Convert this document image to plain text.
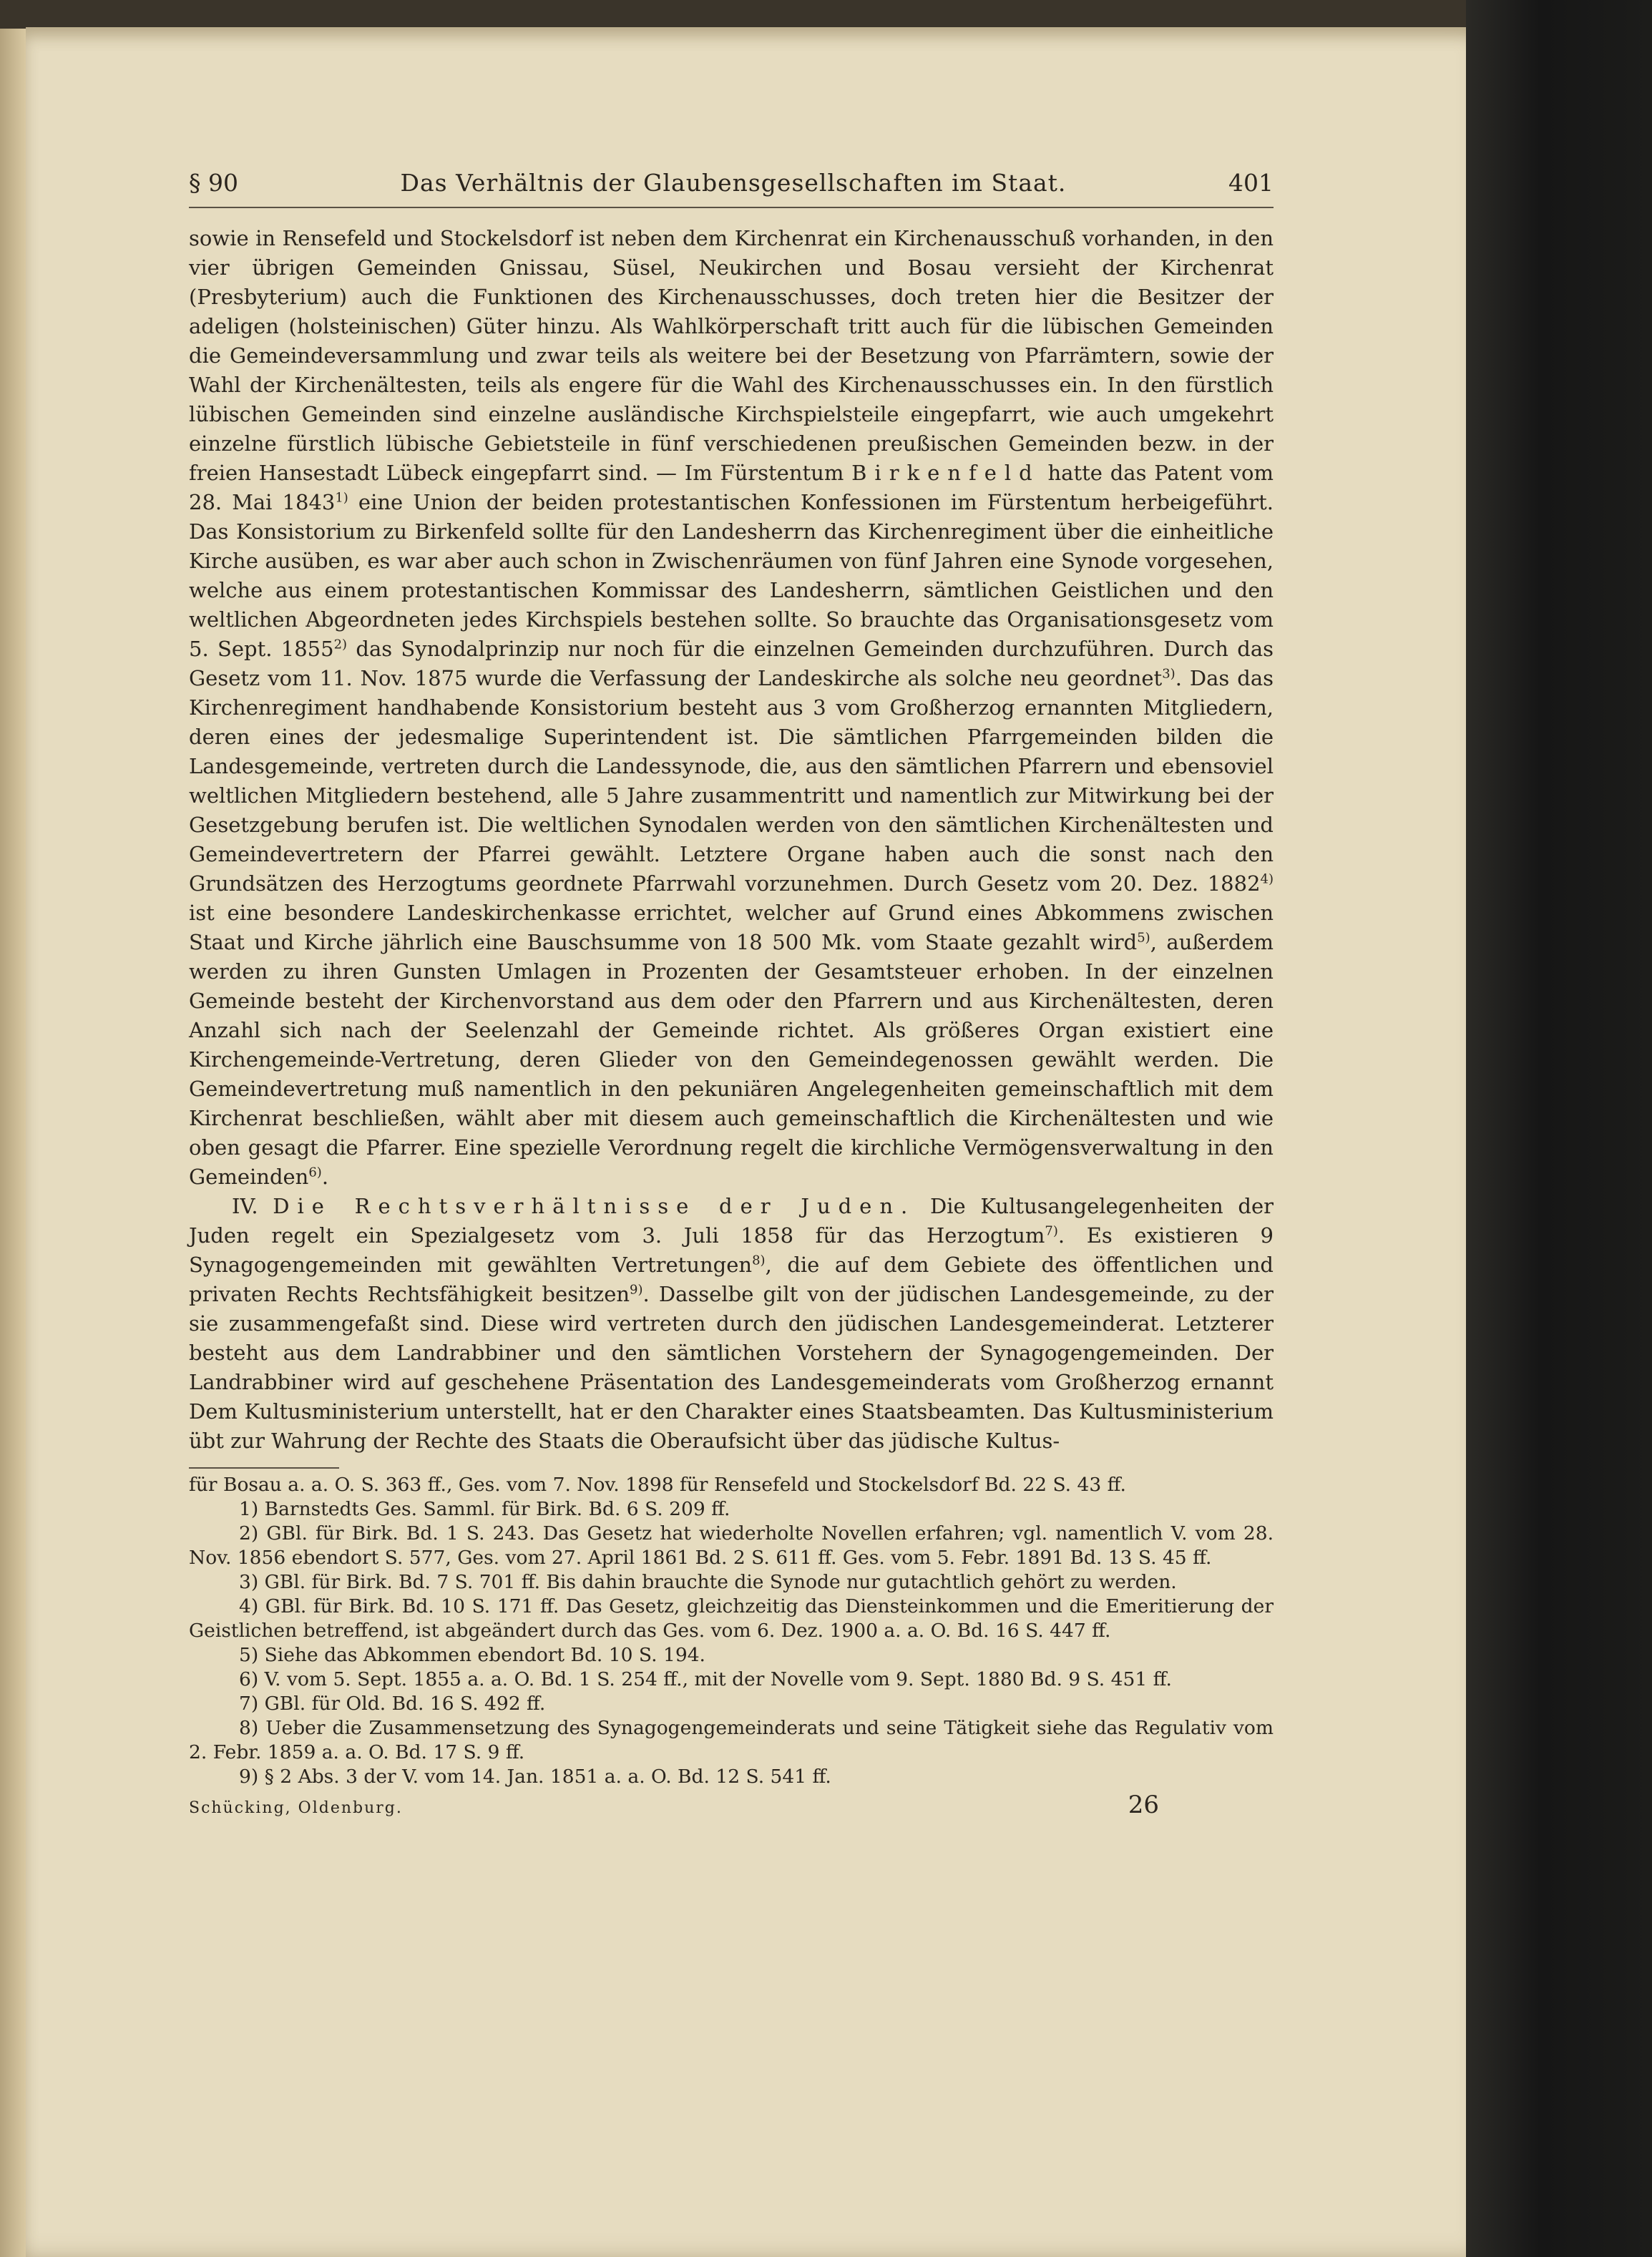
§ 90	Das Verhältnis der Glaubensgesellschaften im Staat.	401

sowie in Rensefeld und Stockelsdorf ist neben dem Kirchenrat ein Kirchenausschuß vorhanden, in den vier übrigen Gemeinden Gnissau, Süsel, Neukirchen und Bosau versieht der Kirchenrat (Presbyterium) auch die Funktionen des Kirchenausschusses, doch treten hier die Besitzer der adeligen (holsteinischen) Güter hinzu. Als Wahlkörperschaft tritt auch für die lübischen Gemeinden die Gemeindeversammlung und zwar teils als weitere bei der Besetzung von Pfarrämtern, sowie der Wahl der Kirchenältesten, teils als engere für die Wahl des Kirchenausschusses ein. In den fürstlich lübischen Gemeinden sind einzelne ausländische Kirchspielsteile eingepfarrt, wie auch umgekehrt einzelne fürstlich lübische Gebietsteile in fünf verschiedenen preußischen Gemeinden bezw. in der freien Hansestadt Lübeck eingepfarrt sind. — Im Fürstentum Birkenfeld hatte das Patent vom 28. Mai 1843$^{1)}$ eine Union der beiden protestantischen Konfessionen im Fürstentum herbeigeführt. Das Konsistorium zu Birkenfeld sollte für den Landesherrn das Kirchenregiment über die einheitliche Kirche ausüben, es war aber auch schon in Zwischenräumen von fünf Jahren eine Synode vorgesehen, welche aus einem protestantischen Kommissar des Landesherrn, sämtlichen Geistlichen und den weltlichen Abgeordneten jedes Kirchspiels bestehen sollte. So brauchte das Organisationsgesetz vom 5. Sept. 1855$^{2)}$ das Synodalprinzip nur noch für die einzelnen Gemeinden durchzuführen. Durch das Gesetz vom 11. Nov. 1875 wurde die Verfassung der Landeskirche als solche neu geordnet$^{3)}$. Das das Kirchenregiment handhabende Konsistorium besteht aus 3 vom Großherzog ernannten Mitgliedern, deren eines der jedesmalige Superintendent ist. Die sämtlichen Pfarrgemeinden bilden die Landesgemeinde, vertreten durch die Landessynode, die, aus den sämtlichen Pfarrern und ebensoviel weltlichen Mitgliedern bestehend, alle 5 Jahre zusammentritt und namentlich zur Mitwirkung bei der Gesetzgebung berufen ist. Die weltlichen Synodalen werden von den sämtlichen Kirchenältesten und Gemeindevertretern der Pfarrei gewählt. Letztere Organe haben auch die sonst nach den Grundsätzen des Herzogtums geordnete Pfarrwahl vorzunehmen. Durch Gesetz vom 20. Dez. 1882$^{4)}$ ist eine besondere Landeskirchenkasse errichtet, welcher auf Grund eines Abkommens zwischen Staat und Kirche jährlich eine Bauschsumme von 18 500 Mk. vom Staate gezahlt wird$^{5)}$, außerdem werden zu ihren Gunsten Umlagen in Prozenten der Gesamtsteuer erhoben. In der einzelnen Gemeinde besteht der Kirchenvorstand aus dem oder den Pfarrern und aus Kirchenältesten, deren Anzahl sich nach der Seelenzahl der Gemeinde richtet. Als größeres Organ existiert eine Kirchengemeinde-Vertretung, deren Glieder von den Gemeindegenossen gewählt werden. Die Gemeindevertretung muß namentlich in den pekuniären Angelegenheiten gemeinschaftlich mit dem Kirchenrat beschließen, wählt aber mit diesem auch gemeinschaftlich die Kirchenältesten und wie oben gesagt die Pfarrer. Eine spezielle Verordnung regelt die kirchliche Vermögensverwaltung in den Gemeinden$^{6)}$.

IV. Die Rechtsverhältnisse der Juden. Die Kultusangelegenheiten der Juden regelt ein Spezialgesetz vom 3. Juli 1858 für das Herzogtum$^{7)}$. Es existieren 9 Synagogengemeinden mit gewählten Vertretungen$^{8)}$, die auf dem Gebiete des öffentlichen und privaten Rechts Rechtsfähigkeit besitzen$^{9)}$. Dasselbe gilt von der jüdischen Landesgemeinde, zu der sie zusammengefaßt sind. Diese wird vertreten durch den jüdischen Landesgemeinderat. Letzterer besteht aus dem Landrabbiner und den sämtlichen Vorstehern der Synagogengemeinden. Der Landrabbiner wird auf geschehene Präsentation des Landesgemeinderats vom Großherzog ernannt Dem Kultusministerium unterstellt, hat er den Charakter eines Staatsbeamten. Das Kultusministerium übt zur Wahrung der Rechte des Staats die Oberaufsicht über das jüdische Kultus-

für Bosau a. a. O. S. 363 ff., Ges. vom 7. Nov. 1898 für Rensefeld und Stockelsdorf Bd. 22 S. 43 ff.

1) Barnstedts Ges. Samml. für Birk. Bd. 6 S. 209 ff.

2) GBl. für Birk. Bd. 1 S. 243. Das Gesetz hat wiederholte Novellen erfahren; vgl. namentlich V. vom 28. Nov. 1856 ebendort S. 577, Ges. vom 27. April 1861 Bd. 2 S. 611 ff. Ges. vom 5. Febr. 1891 Bd. 13 S. 45 ff.

3) GBl. für Birk. Bd. 7 S. 701 ff. Bis dahin brauchte die Synode nur gutachtlich gehört zu werden.

4) GBl. für Birk. Bd. 10 S. 171 ff. Das Gesetz, gleichzeitig das Diensteinkommen und die Emeritierung der Geistlichen betreffend, ist abgeändert durch das Ges. vom 6. Dez. 1900 a. a. O. Bd. 16 S. 447 ff.

5) Siehe das Abkommen ebendort Bd. 10 S. 194.

6) V. vom 5. Sept. 1855 a. a. O. Bd. 1 S. 254 ff., mit der Novelle vom 9. Sept. 1880 Bd. 9 S. 451 ff.

7) GBl. für Old. Bd. 16 S. 492 ff.

8) Ueber die Zusammensetzung des Synagogengemeinderats und seine Tätigkeit siehe das Regulativ vom 2. Febr. 1859 a. a. O. Bd. 17 S. 9 ff.

9) § 2 Abs. 3 der V. vom 14. Jan. 1851 a. a. O. Bd. 12 S. 541 ff.

Schücking, Oldenburg.	26
